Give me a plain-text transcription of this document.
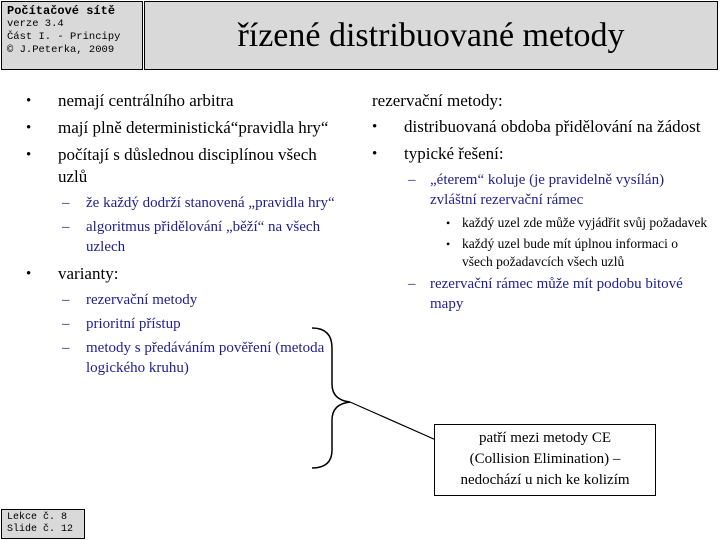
Počítačové sítě
verze 3.4
Část I. - Principy
© J.Peterka, 2009	řízené distribuované metody
• nemají centrálního arbitra
• mají plně deterministická“pravidla hry“
• počítají s důslednou disciplínou všech uzlů
– že každý dodrží stanovená „pravidla hry“
– algoritmus přidělování „běží“ na všech uzlech
• varianty:
– rezervační metody
– prioritní přístup
– metody s předáváním pověření (metoda logického kruhu)
rezervační metody:
• distribuovaná obdoba přidělování na žádost
• typické řešení:
– „éterem“ koluje (je pravidelně vysílán) zvláštní rezervační rámec
• každý uzel zde může vyjádřit svůj požadavek
• každý uzel bude mít úplnou informaci o všech požadavcích všech uzlů
– rezervační rámec může mít podobu bitové mapy
patří mezi metody CE
(Collision Elimination) –
nedochází u nich ke kolizím
Lekce č. 8
Slide č. 12
